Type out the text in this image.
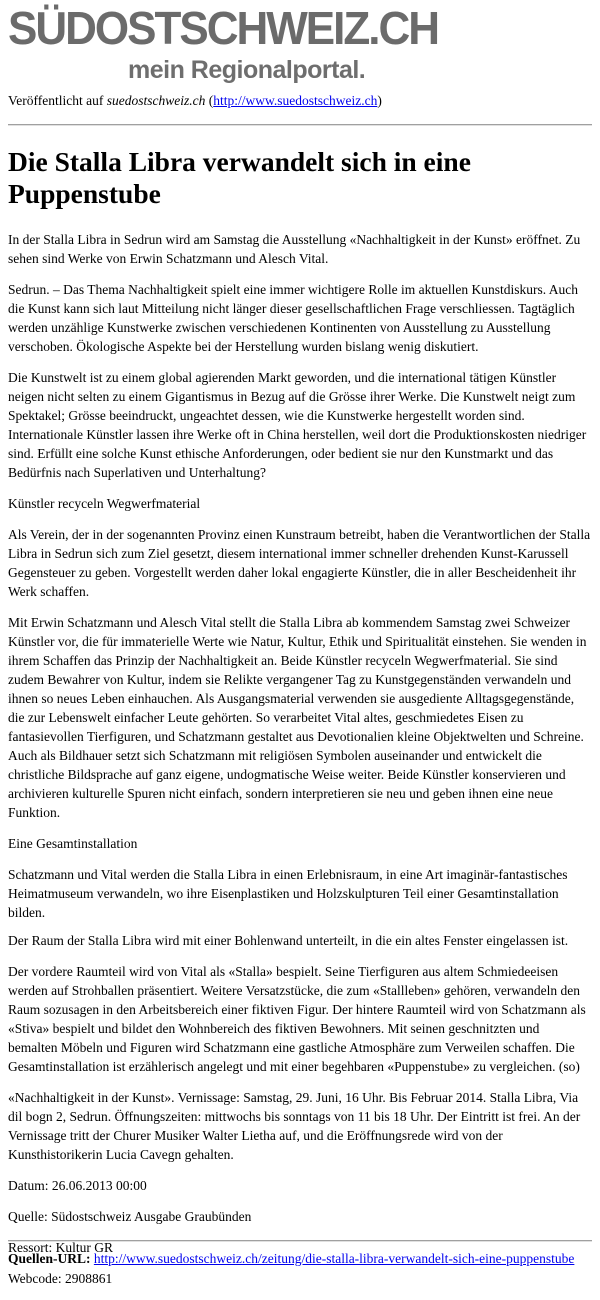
SÜDOSTSCHWEIZ.CH
mein Regionalportal.
Veröffentlicht auf suedostschweiz.ch (http://www.suedostschweiz.ch)
Die Stalla Libra verwandelt sich in eine Puppenstube

In der Stalla Libra in Sedrun wird am Samstag die Ausstellung «Nachhaltigkeit in der Kunst» eröffnet. Zu sehen sind Werke von Erwin Schatzmann und Alesch Vital.

Sedrun. – Das Thema Nachhaltigkeit spielt eine immer wichtigere Rolle im aktuellen Kunstdiskurs. Auch die Kunst kann sich laut Mitteilung nicht länger dieser gesellschaftlichen Frage verschliessen. Tagtäglich werden unzählige Kunstwerke zwischen verschiedenen Kontinenten von Ausstellung zu Ausstellung verschoben. Ökologische Aspekte bei der Herstellung wurden bislang wenig diskutiert.

Die Kunstwelt ist zu einem global agierenden Markt geworden, und die international tätigen Künstler neigen nicht selten zu einem Gigantismus in Bezug auf die Grösse ihrer Werke. Die Kunstwelt neigt zum Spektakel; Grösse beeindruckt, ungeachtet dessen, wie die Kunstwerke hergestellt worden sind. Internationale Künstler lassen ihre Werke oft in China herstellen, weil dort die Produktionskosten niedriger sind. Erfüllt eine solche Kunst ethische Anforderungen, oder bedient sie nur den Kunstmarkt und das Bedürfnis nach Superlativen und Unterhaltung?

Künstler recyceln Wegwerfmaterial

Als Verein, der in der sogenannten Provinz einen Kunstraum betreibt, haben die Verantwortlichen der Stalla Libra in Sedrun sich zum Ziel gesetzt, diesem international immer schneller drehenden Kunst-Karussell Gegensteuer zu geben. Vorgestellt werden daher lokal engagierte Künstler, die in aller Bescheidenheit ihr Werk schaffen.

Mit Erwin Schatzmann und Alesch Vital stellt die Stalla Libra ab kommendem Samstag zwei Schweizer Künstler vor, die für immaterielle Werte wie Natur, Kultur, Ethik und Spiritualität einstehen. Sie wenden in ihrem Schaffen das Prinzip der Nachhaltigkeit an. Beide Künstler recyceln Wegwerfmaterial. Sie sind zudem Bewahrer von Kultur, indem sie Relikte vergangener Tag zu Kunstgegenständen verwandeln und ihnen so neues Leben einhauchen. Als Ausgangsmaterial verwenden sie ausgediente Alltagsgegenstände, die zur Lebenswelt einfacher Leute gehörten. So verarbeitet Vital altes, geschmiedetes Eisen zu fantasievollen Tierfiguren, und Schatzmann gestaltet aus Devotionalien kleine Objektwelten und Schreine. Auch als Bildhauer setzt sich Schatzmann mit religiösen Symbolen auseinander und entwickelt die christliche Bildsprache auf ganz eigene, undogmatische Weise weiter. Beide Künstler konservieren und archivieren kulturelle Spuren nicht einfach, sondern interpretieren sie neu und geben ihnen eine neue Funktion.

Eine Gesamtinstallation

Schatzmann und Vital werden die Stalla Libra in einen Erlebnisraum, in eine Art imaginär-fantastisches Heimatmuseum verwandeln, wo ihre Eisenplastiken und Holzskulpturen Teil einer Gesamtinstallation bilden.

Der Raum der Stalla Libra wird mit einer Bohlenwand unterteilt, in die ein altes Fenster eingelassen ist.

Der vordere Raumteil wird von Vital als «Stalla» bespielt. Seine Tierfiguren aus altem Schmiedeeisen werden auf Strohballen präsentiert. Weitere Versatzstücke, die zum «Stallleben» gehören, verwandeln den Raum sozusagen in den Arbeitsbereich einer fiktiven Figur. Der hintere Raumteil wird von Schatzmann als «Stiva» bespielt und bildet den Wohnbereich des fiktiven Bewohners. Mit seinen geschnitzten und bemalten Möbeln und Figuren wird Schatzmann eine gastliche Atmosphäre zum Verweilen schaffen. Die Gesamtinstallation ist erzählerisch angelegt und mit einer begehbaren «Puppenstube» zu vergleichen. (so)

«Nachhaltigkeit in der Kunst». Vernissage: Samstag, 29. Juni, 16 Uhr. Bis Februar 2014. Stalla Libra, Via dil bogn 2, Sedrun. Öffnungszeiten: mittwochs bis sonntags von 11 bis 18 Uhr. Der Eintritt ist frei. An der Vernissage tritt der Churer Musiker Walter Lietha auf, und die Eröffnungsrede wird von der Kunsthistorikerin Lucia Cavegn gehalten.

Datum: 26.06.2013 00:00

Quelle: Südostschweiz Ausgabe Graubünden

Ressort: Kultur GR

Webcode: 2908861

Quellen-URL: http://www.suedostschweiz.ch/zeitung/die-stalla-libra-verwandelt-sich-eine-puppenstube
